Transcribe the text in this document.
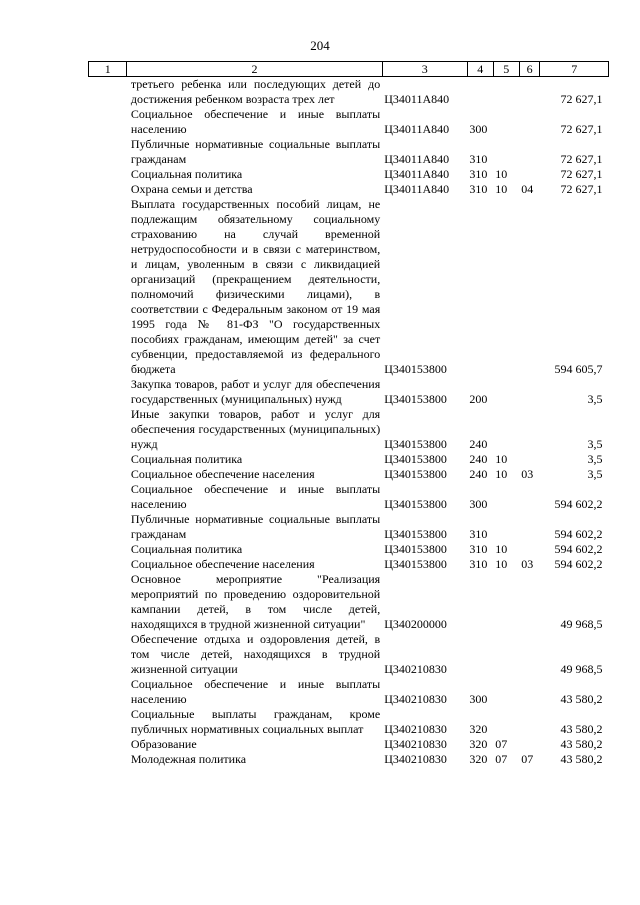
204
1	2	3	4	5	6	7
	третьего ребенка или последующих детей до достижения ребенком возраста трех лет	Ц34011А840				72 627,1
	Социальное обеспечение и иные выплаты населению	Ц34011А840	300			72 627,1
	Публичные нормативные социальные выплаты гражданам	Ц34011А840	310			72 627,1
	Социальная политика	Ц34011А840	310	10		72 627,1
	Охрана семьи и детства	Ц34011А840	310	10	04	72 627,1
	Выплата государственных пособий лицам, не подлежащим обязательному социальному страхованию на случай временной нетрудоспособности и в связи с материнством, и лицам, уволенным в связи с ликвидацией организаций (прекращением деятельности, полномочий физическими лицами), в соответствии с Федеральным законом от 19 мая 1995 года № 81-ФЗ "О государственных пособиях гражданам, имеющим детей" за счет субвенции, предоставляемой из федерального бюджета	Ц340153800				594 605,7
	Закупка товаров, работ и услуг для обеспечения государственных (муниципальных) нужд	Ц340153800	200			3,5
	Иные закупки товаров, работ и услуг для обеспечения государственных (муниципальных) нужд	Ц340153800	240			3,5
	Социальная политика	Ц340153800	240	10		3,5
	Социальное обеспечение населения	Ц340153800	240	10	03	3,5
	Социальное обеспечение и иные выплаты населению	Ц340153800	300			594 602,2
	Публичные нормативные социальные выплаты гражданам	Ц340153800	310			594 602,2
	Социальная политика	Ц340153800	310	10		594 602,2
	Социальное обеспечение населения	Ц340153800	310	10	03	594 602,2
	Основное мероприятие "Реализация мероприятий по проведению оздоровительной кампании детей, в том числе детей, находящихся в трудной жизненной ситуации"	Ц340200000				49 968,5
	Обеспечение отдыха и оздоровления детей, в том числе детей, находящихся в трудной жизненной ситуации	Ц340210830				49 968,5
	Социальное обеспечение и иные выплаты населению	Ц340210830	300			43 580,2
	Социальные выплаты гражданам, кроме публичных нормативных социальных выплат	Ц340210830	320			43 580,2
	Образование	Ц340210830	320	07		43 580,2
	Молодежная политика	Ц340210830	320	07	07	43 580,2
